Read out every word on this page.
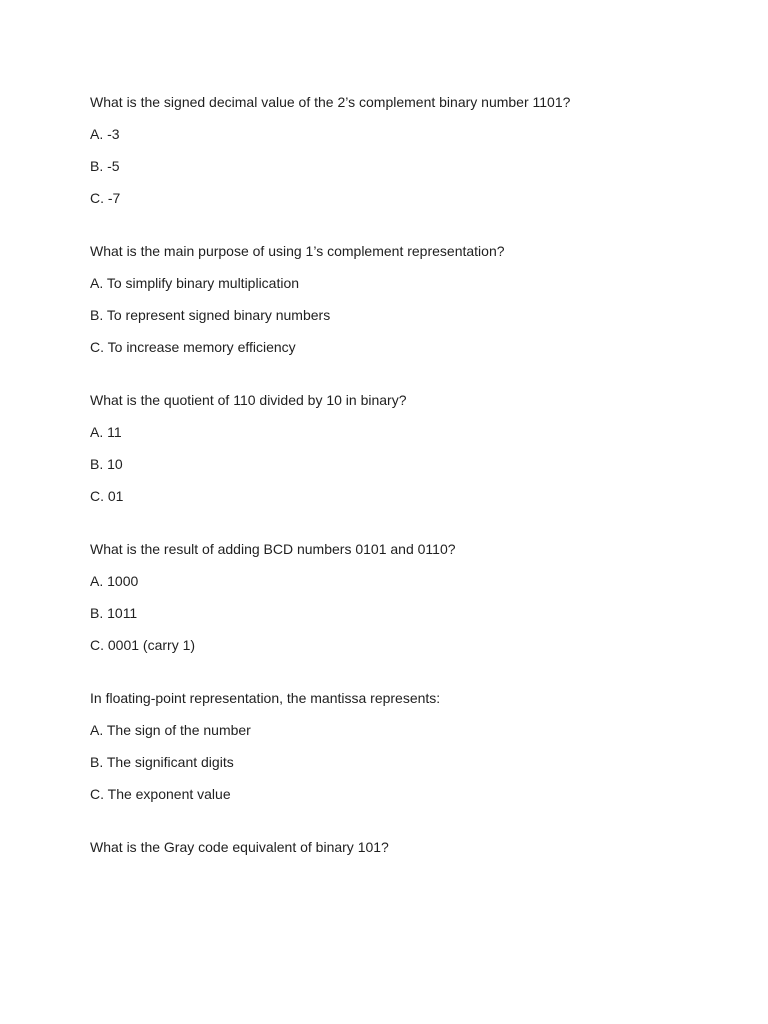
What is the signed decimal value of the 2’s complement binary number 1101?

A. -3

B. -5

C. -7

What is the main purpose of using 1’s complement representation?

A. To simplify binary multiplication

B. To represent signed binary numbers

C. To increase memory efficiency

What is the quotient of 110 divided by 10 in binary?

A. 11

B. 10

C. 01

What is the result of adding BCD numbers 0101 and 0110?

A. 1000

B. 1011

C. 0001 (carry 1)

In floating-point representation, the mantissa represents:

A. The sign of the number

B. The significant digits

C. The exponent value

What is the Gray code equivalent of binary 101?
